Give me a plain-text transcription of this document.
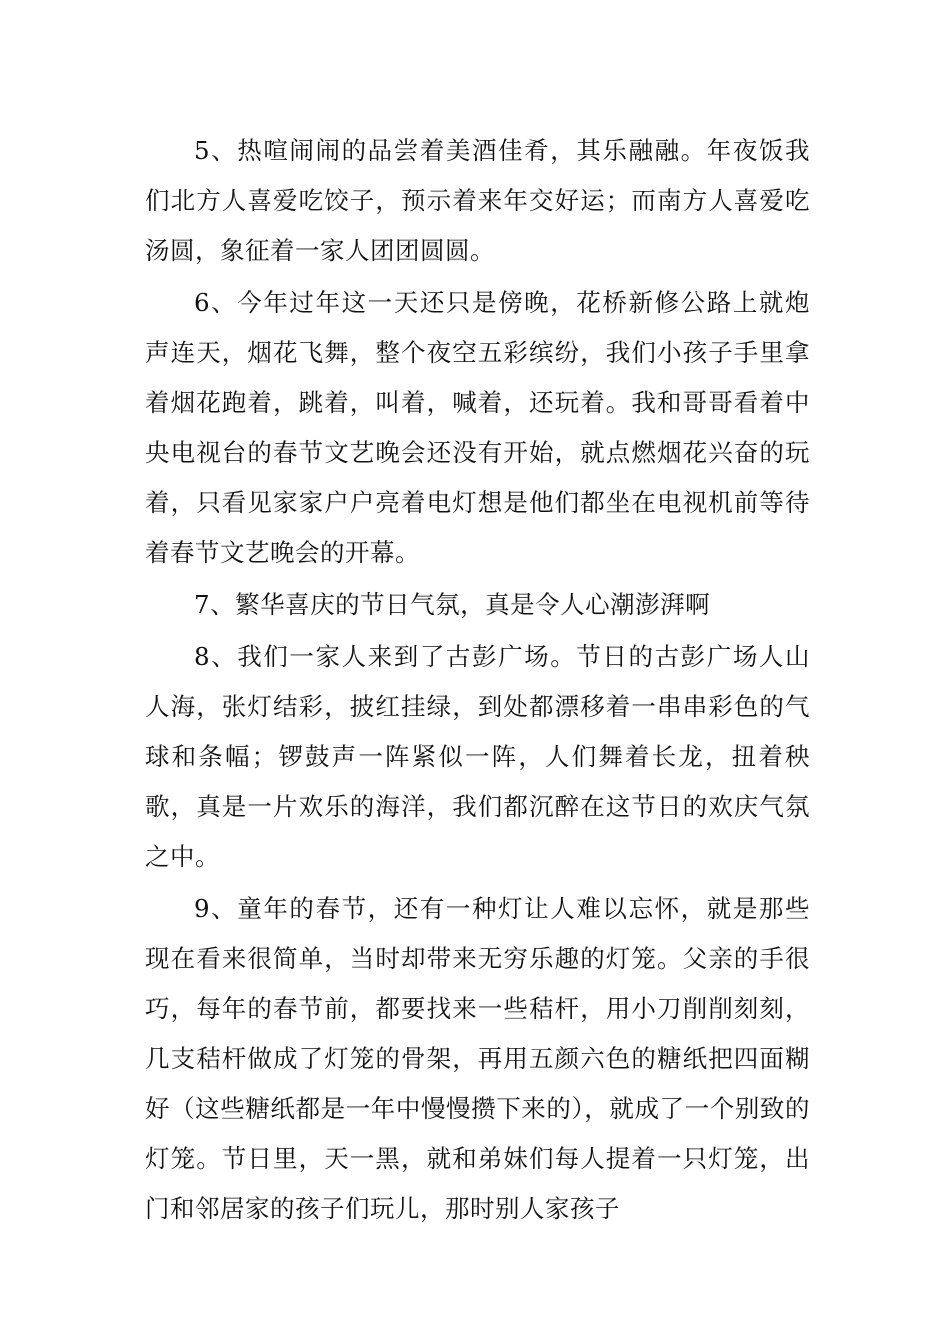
5、热喧闹闹的品尝着美酒佳肴，其乐融融。年夜饭我们北方人喜爱吃饺子，预示着来年交好运；而南方人喜爱吃汤圆，象征着一家人团团圆圆。

6、今年过年这一天还只是傍晚，花桥新修公路上就炮声连天，烟花飞舞，整个夜空五彩缤纷，我们小孩子手里拿着烟花跑着，跳着，叫着，喊着，还玩着。我和哥哥看着中央电视台的春节文艺晚会还没有开始，就点燃烟花兴奋的玩着，只看见家家户户亮着电灯想是他们都坐在电视机前等待着春节文艺晚会的开幕。

7、繁华喜庆的节日气氛，真是令人心潮澎湃啊

8、我们一家人来到了古彭广场。节日的古彭广场人山人海，张灯结彩，披红挂绿，到处都漂移着一串串彩色的气球和条幅；锣鼓声一阵紧似一阵，人们舞着长龙，扭着秧歌，真是一片欢乐的海洋，我们都沉醉在这节日的欢庆气氛之中。

9、童年的春节，还有一种灯让人难以忘怀，就是那些现在看来很简单，当时却带来无穷乐趣的灯笼。父亲的手很巧，每年的春节前，都要找来一些秸杆，用小刀削削刻刻，几支秸杆做成了灯笼的骨架，再用五颜六色的糖纸把四面糊好（这些糖纸都是一年中慢慢攒下来的），就成了一个别致的灯笼。节日里，天一黑，就和弟妹们每人提着一只灯笼，出门和邻居家的孩子们玩儿，那时别人家孩子
